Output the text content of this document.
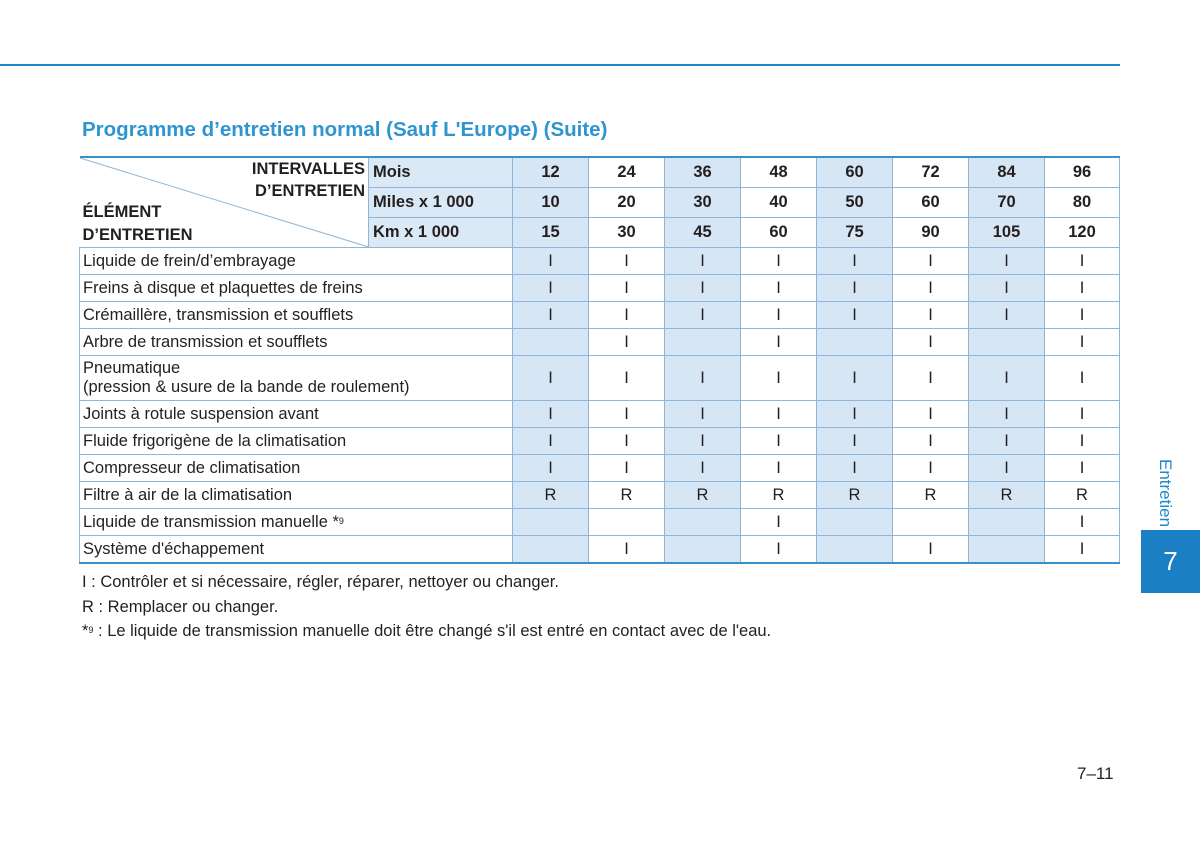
Programme d’entretien normal (Sauf L'Europe) (Suite)
INTERVALLES
D’ENTRETIEN
ÉLÉMENT
D’ENTRETIEN	Mois	12	24	36	48	60	72	84	96
	Miles x 1 000	10	20	30	40	50	60	70	80
	Km x 1 000	15	30	45	60	75	90	105	120
Liquide de frein/d’embrayage		I	I	I	I	I	I	I	I
Freins à disque et plaquettes de freins		I	I	I	I	I	I	I	I
Crémaillère, transmission et soufflets		I	I	I	I	I	I	I	I
Arbre de transmission et soufflets			I		I		I		I
Pneumatique
(pression & usure de la bande de roulement)		I	I	I	I	I	I	I	I
Joints à rotule suspension avant		I	I	I	I	I	I	I	I
Fluide frigorigène de la climatisation		I	I	I	I	I	I	I	I
Compresseur de climatisation		I	I	I	I	I	I	I	I
Filtre à air de la climatisation		R	R	R	R	R	R	R	R
Liquide de transmission manuelle *$^9$					I				I
Système d'échappement			I		I		I		I
I : Contrôler et si nécessaire, régler, réparer, nettoyer ou changer.
R : Remplacer ou changer.
*$^9$ : Le liquide de transmission manuelle doit être changé s'il est entré en contact avec de l'eau.
Entretien
7
7–11
